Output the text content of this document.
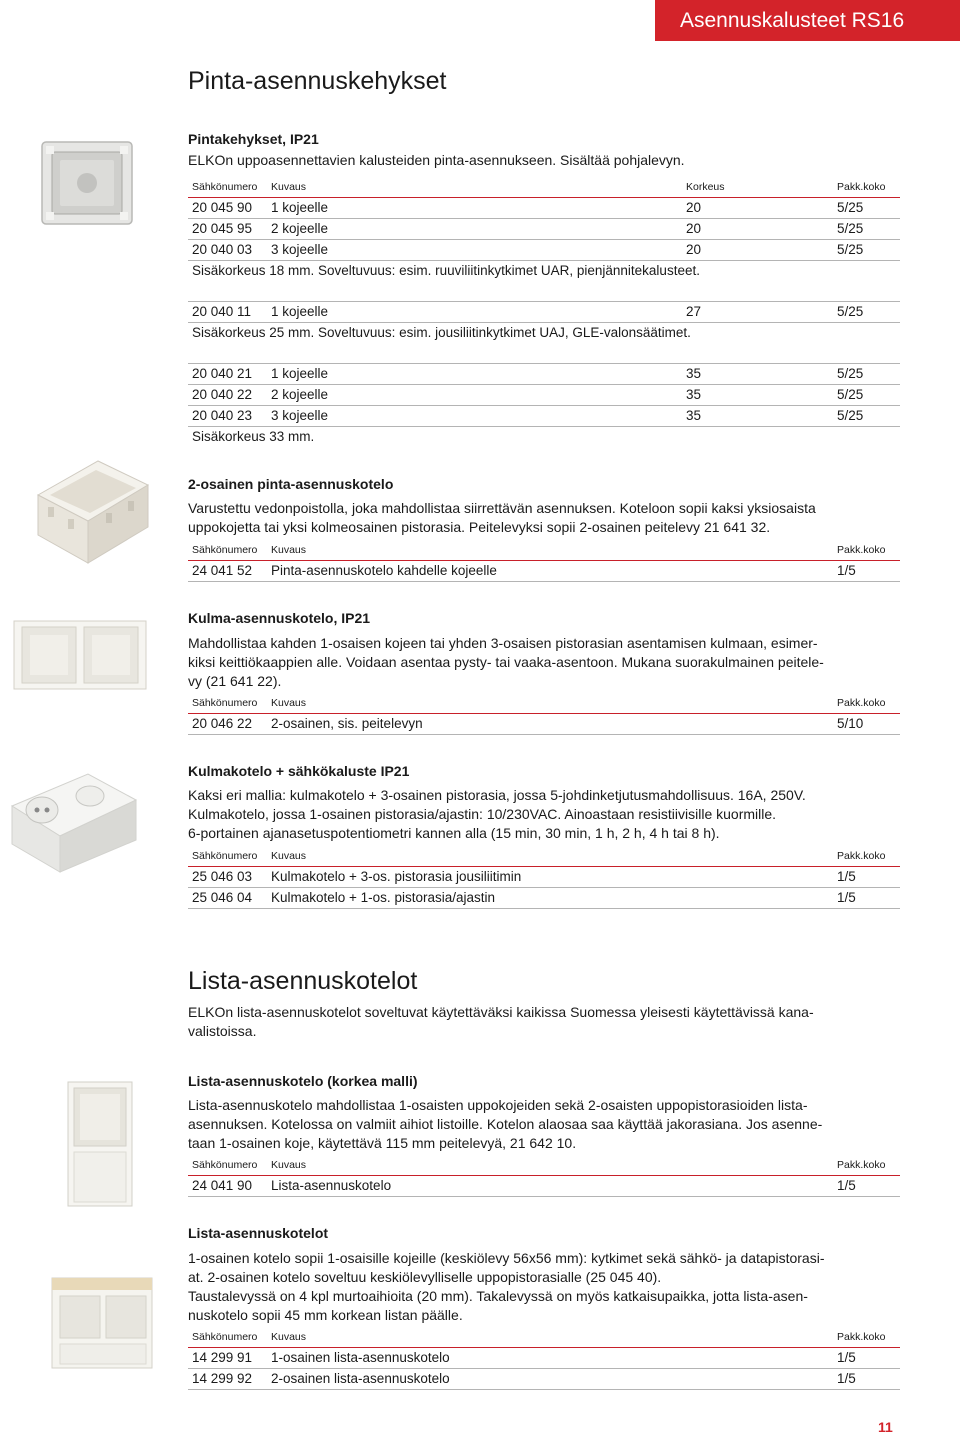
Asennuskalusteet RS16
Pinta-asennuskehykset
Pintakehykset, IP21

ELKOn uppoasennettavien kalusteiden pinta-asennukseen. Sisältää pohjalevyn.

Sähkönumero Kuvaus	Korkeus	Pakk.koko
20 045 90 1 kojeelle	20	5/25
20 045 95 2 kojeelle	20	5/25
20 040 03 3 kojeelle	20	5/25
Sisäkorkeus 18 mm. Soveltuvuus: esim. ruuviliitinkytkimet UAR, pienjännitekalusteet.
20 040 11 1 kojeelle	27	5/25
Sisäkorkeus 25 mm. Soveltuvuus: esim. jousiliitinkytkimet UAJ, GLE-valonsäätimet.
20 040 21 1 kojeelle	35	5/25
20 040 22 2 kojeelle	35	5/25
20 040 23 3 kojeelle	35	5/25
Sisäkorkeus 33 mm.
2-osainen pinta-asennuskotelo

Varustettu vedonpoistolla, joka mahdollistaa siirrettävän asennuksen. Koteloon sopii kaksi yksiosaista

uppokojetta tai yksi kolmeosainen pistorasia. Peitelevyksi sopii 2-osainen peitelevy 21 641 32.

Sähkönumero Kuvaus	Pakk.koko
24 041 52 Pinta-asennuskotelo kahdelle kojeelle	1/5
Kulma-asennuskotelo, IP21

Mahdollistaa kahden 1-osaisen kojeen tai yhden 3-osaisen pistorasian asentamisen kulmaan, esimer-

kiksi keittiökaappien alle. Voidaan asentaa pysty- tai vaaka-asentoon. Mukana suorakulmainen peitele-

vy (21 641 22).

Sähkönumero Kuvaus	Pakk.koko
20 046 22 2-osainen, sis. peitelevyn	5/10
Kulmakotelo + sähkökaluste IP21

Kaksi eri mallia: kulmakotelo + 3-osainen pistorasia, jossa 5-johdinketjutusmahdollisuus. 16A, 250V.

Kulmakotelo, jossa 1-osainen pistorasia/ajastin: 10/230VAC. Ainoastaan resistiivisille kuormille.

6-portainen ajanasetuspotentiometri kannen alla (15 min, 30 min, 1 h, 2 h, 4 h tai 8 h).

Sähkönumero Kuvaus	Pakk.koko
25 046 03 Kulmakotelo + 3-os. pistorasia jousiliitimin	1/5
25 046 04 Kulmakotelo + 1-os. pistorasia/ajastin	1/5
Lista-asennuskotelot

ELKOn lista-asennuskotelot soveltuvat käytettäväksi kaikissa Suomessa yleisesti käytettävissä kana-

valistoissa.

Lista-asennuskotelo (korkea malli)

Lista-asennuskotelo mahdollistaa 1-osaisten uppokojeiden sekä 2-osaisten uppopistorasioiden lista-

asennuksen. Kotelossa on valmiit aihiot listoille. Kotelon alaosaa saa käyttää jakorasiana. Jos asenne-

taan 1-osainen koje, käytettävä 115 mm peitelevyä, 21 642 10.

Sähkönumero Kuvaus	Pakk.koko
24 041 90 Lista-asennuskotelo	1/5
Lista-asennuskotelot

1-osainen kotelo sopii 1-osaisille kojeille (keskiölevy 56x56 mm): kytkimet sekä sähkö- ja datapistorasi-

at. 2-osainen kotelo soveltuu keskiölevylliselle uppopistorasialle (25 045 40).

Taustalevyssä on 4 kpl murtoaihioita (20 mm). Takalevyssä on myös katkaisupaikka, jotta lista-asen-

nuskotelo sopii 45 mm korkean listan päälle.

Sähkönumero Kuvaus	Pakk.koko
14 299 91 1-osainen lista-asennuskotelo	1/5
14 299 92 2-osainen lista-asennuskotelo	1/5
11
